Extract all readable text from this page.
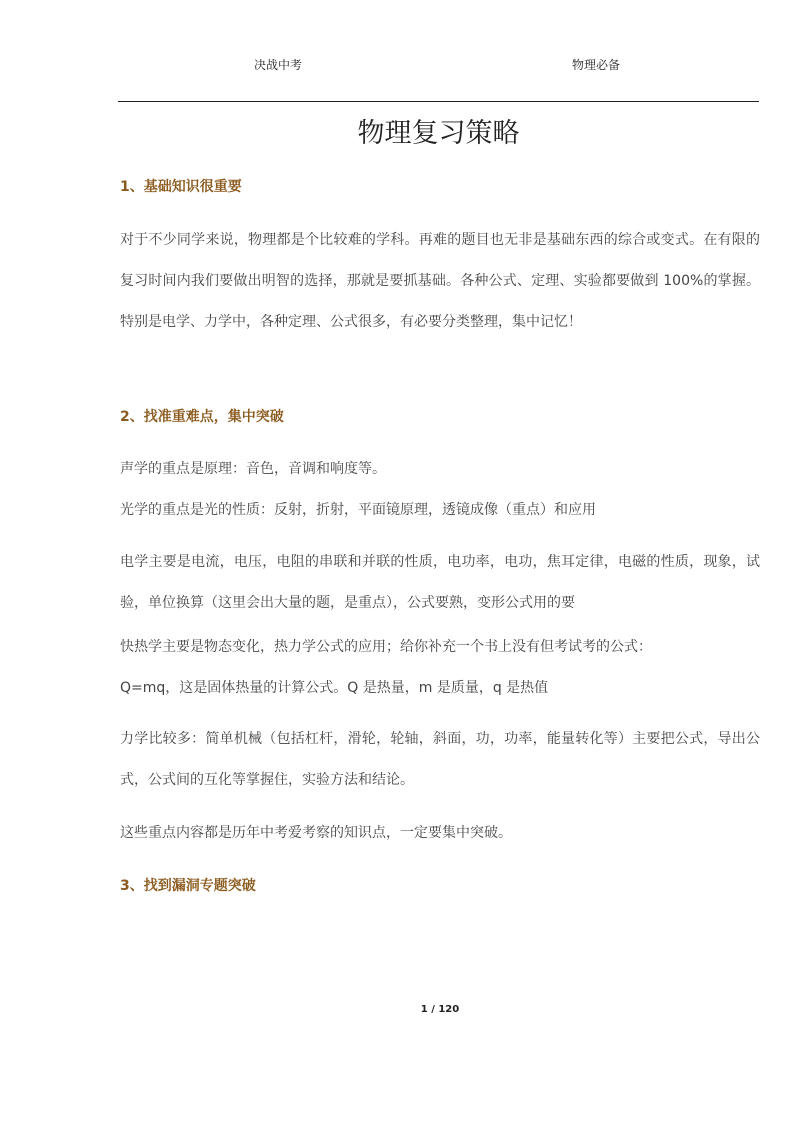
决战中考	物理必备
物理复习策略
1、基础知识很重要

对于不少同学来说，物理都是个比较难的学科。再难的题目也无非是基础东西的综合或变式。在有限的复习时间内我们要做出明智的选择，那就是要抓基础。各种公式、定理、实验都要做到 100%的掌握。特别是电学、力学中，各种定理、公式很多，有必要分类整理，集中记忆！

2、找准重难点，集中突破

声学的重点是原理：音色，音调和响度等。

光学的重点是光的性质：反射，折射，平面镜原理，透镜成像（重点）和应用

电学主要是电流，电压，电阻的串联和并联的性质，电功率，电功，焦耳定律，电磁的性质，现象，试验，单位换算（这里会出大量的题，是重点），公式要熟，变形公式用的要

快热学主要是物态变化，热力学公式的应用；给你补充一个书上没有但考试考的公式：

Q=mq，这是固体热量的计算公式。Q 是热量，m 是质量，q 是热值

力学比较多：简单机械（包括杠杆，滑轮，轮轴，斜面，功，功率，能量转化等）主要把公式，导出公式，公式间的互化等掌握住，实验方法和结论。

这些重点内容都是历年中考爱考察的知识点，一定要集中突破。

3、找到漏洞专题突破
1 / 120
